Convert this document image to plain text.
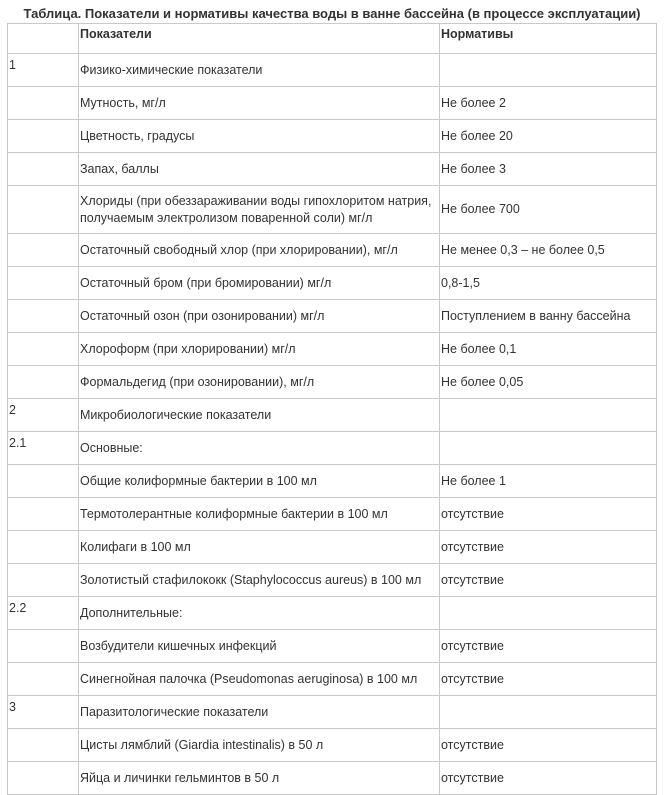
Таблица. Показатели и нормативы качества воды в ванне бассейна (в процессе эксплуатации)
	Показатели	Нормативы
1	Физико-химические показатели	
	Мутность, мг/л	Не более 2
	Цветность, градусы	Не более 20
	Запах, баллы	Не более 3
	Хлориды (при обеззараживании воды гипохлоритом натрия, получаемым электролизом поваренной соли) мг/л	Не более 700
	Остаточный свободный хлор (при хлорировании), мг/л	Не менее 0,3 – не более 0,5
	Остаточный бром (при бромировании) мг/л	0,8-1,5
	Остаточный озон (при озонировании) мг/л	Поступлением в ванну бассейна
	Хлороформ (при хлорировании) мг/л	Не более 0,1
	Формальдегид (при озонировании), мг/л	Не более 0,05
2	Микробиологические показатели	
2.1	Основные:	
	Общие колиформные бактерии в 100 мл	Не более 1
	Термотолерантные колиформные бактерии в 100 мл	отсутствие
	Колифаги в 100 мл	отсутствие
	Золотистый стафилококк (Staphylococcus aureus) в 100 мл	отсутствие
2.2	Дополнительные:	
	Возбудители кишечных инфекций	отсутствие
	Синегнойная палочка (Pseudomonas aeruginosa) в 100 мл	отсутствие
3	Паразитологические показатели	
	Цисты лямблий (Giardia intestinalis) в 50 л	отсутствие
	Яйца и личинки гельминтов в 50 л	отсутствие
